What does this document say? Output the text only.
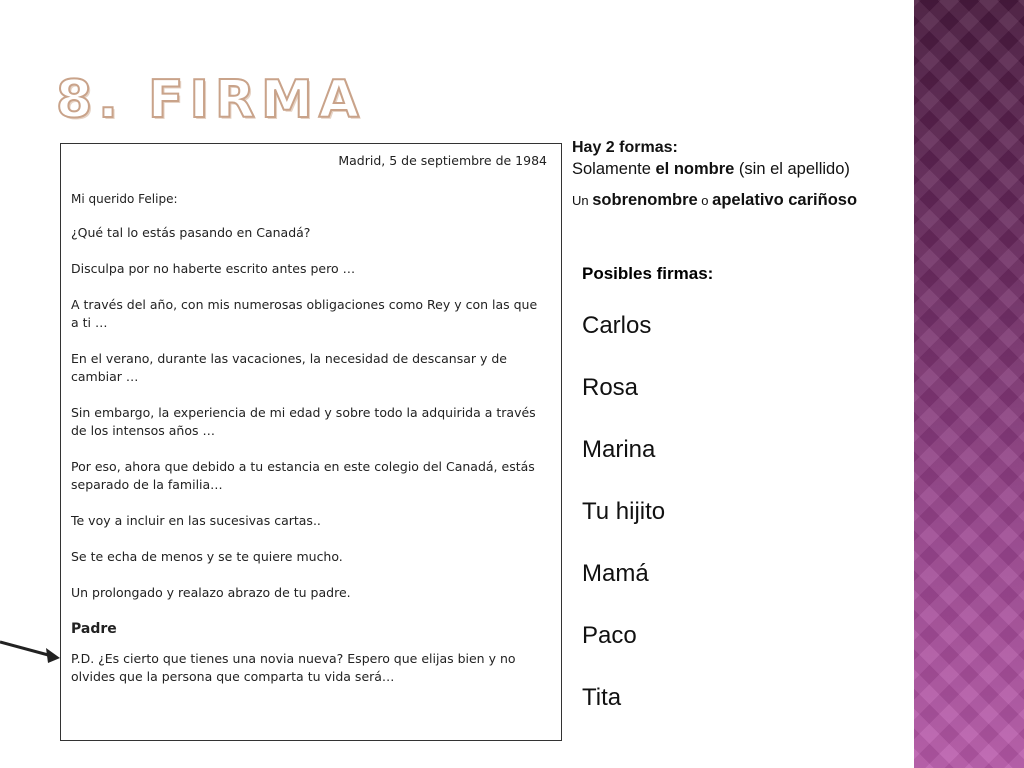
8. FIRMA

Madrid, 5 de septiembre de 1984

Mi querido Felipe:

¿Qué tal lo estás pasando en Canadá?

Disculpa por no haberte escrito antes pero …

A través del año, con mis numerosas obligaciones como Rey y con las que a ti …

En el verano, durante las vacaciones, la necesidad de descansar y de cambiar …

Sin embargo, la experiencia de mi edad y sobre todo la adquirida a través de los intensos años …

Por eso, ahora que debido a tu estancia en este colegio del Canadá, estás separado de la familia…

Te voy a incluir en las sucesivas cartas..

Se te echa de menos y se te quiere mucho.

Un prolongado y realazo abrazo de tu padre.

Padre

P.D. ¿Es cierto que tienes una novia nueva? Espero que elijas bien y no olvides que la persona que comparta tu vida será…

Hay 2 formas:

Solamente el nombre (sin el apellido)

Un sobrenombre o apelativo cariñoso

Posibles firmas:

Carlos
Rosa
Marina
Tu hijito
Mamá
Paco
Tita
